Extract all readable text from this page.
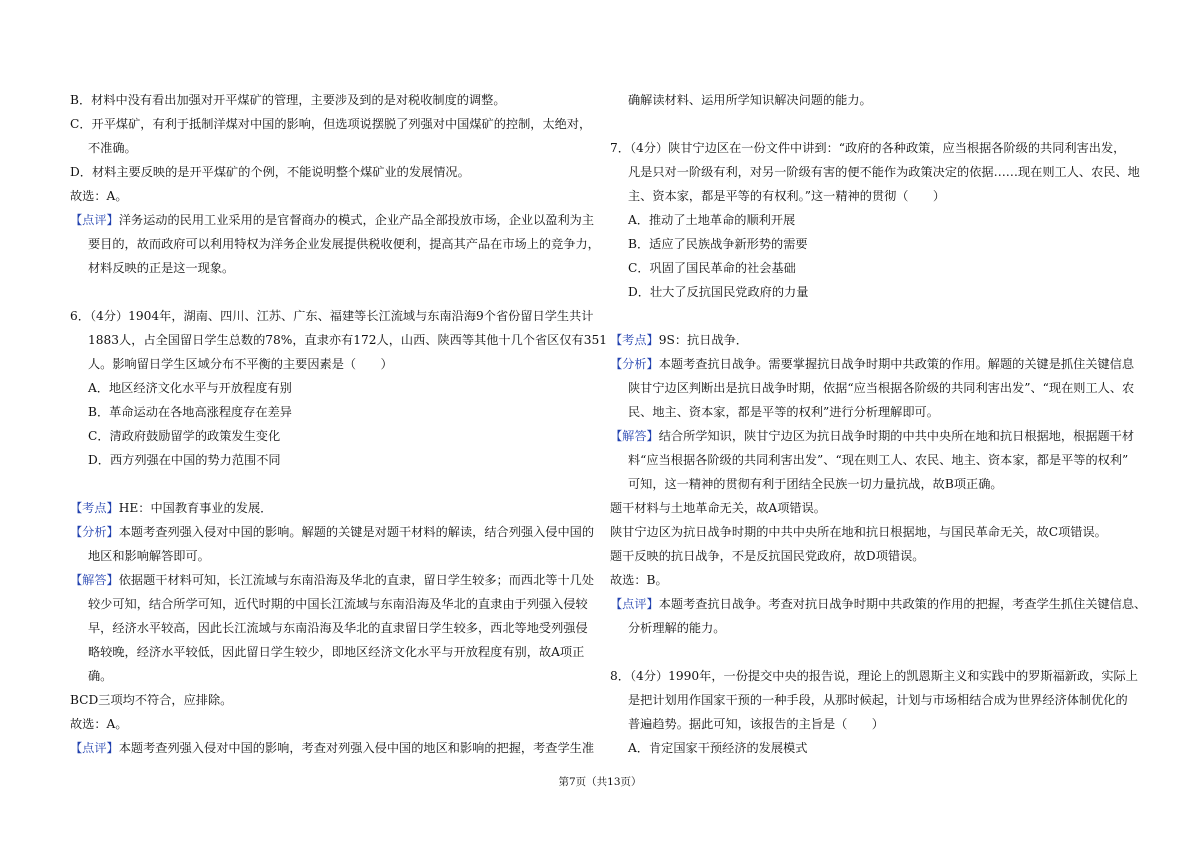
B．材料中没有看出加强对开平煤矿的管理，主要涉及到的是对税收制度的调整。
C．开平煤矿，有利于抵制洋煤对中国的影响，但选项说摆脱了列强对中国煤矿的控制，太绝对，
不准确。
D．材料主要反映的是开平煤矿的个例，不能说明整个煤矿业的发展情况。
故选：A。
【点评】洋务运动的民用工业采用的是官督商办的模式，企业产品全部投放市场，企业以盈利为主
要目的，故而政府可以利用特权为洋务企业发展提供税收便利，提高其产品在市场上的竞争力，
材料反映的正是这一现象。
6．（4分）1904年，湖南、四川、江苏、广东、福建等长江流域与东南沿海9个省份留日学生共计
1883人，占全国留日学生总数的78%，直隶亦有172人，山西、陕西等其他十几个省区仅有351
人。影响留日学生区域分布不平衡的主要因素是（　　）
A．地区经济文化水平与开放程度有别
B．革命运动在各地高涨程度存在差异
C．清政府鼓励留学的政策发生变化
D．西方列强在中国的势力范围不同
【考点】HE：中国教育事业的发展．
【分析】本题考查列强入侵对中国的影响。解题的关键是对题干材料的解读，结合列强入侵中国的
地区和影响解答即可。
【解答】依据题干材料可知，长江流域与东南沿海及华北的直隶，留日学生较多；而西北等十几处
较少可知，结合所学可知，近代时期的中国长江流域与东南沿海及华北的直隶由于列强入侵较
早，经济水平较高，因此长江流域与东南沿海及华北的直隶留日学生较多，西北等地受列强侵
略较晚，经济水平较低，因此留日学生较少，即地区经济文化水平与开放程度有别，故A项正
确。
BCD三项均不符合，应排除。
故选：A。
【点评】本题考查列强入侵对中国的影响，考查对列强入侵中国的地区和影响的把握，考查学生准
确解读材料、运用所学知识解决问题的能力。
7．（4分）陕甘宁边区在一份文件中讲到：“政府的各种政策，应当根据各阶级的共同利害出发，
凡是只对一阶级有利，对另一阶级有害的便不能作为政策决定的依据……现在则工人、农民、地
主、资本家，都是平等的有权利。”这一精神的贯彻（　　）
A．推动了土地革命的顺利开展
B．适应了民族战争新形势的需要
C．巩固了国民革命的社会基础
D．壮大了反抗国民党政府的力量
【考点】9S：抗日战争．
【分析】本题考查抗日战争。需要掌握抗日战争时期中共政策的作用。解题的关键是抓住关键信息
陕甘宁边区判断出是抗日战争时期，依据“应当根据各阶级的共同利害出发”、“现在则工人、农
民、地主、资本家，都是平等的权利”进行分析理解即可。
【解答】结合所学知识，陕甘宁边区为抗日战争时期的中共中央所在地和抗日根据地，根据题干材
料“应当根据各阶级的共同利害出发”、“现在则工人、农民、地主、资本家，都是平等的权利”
可知，这一精神的贯彻有利于团结全民族一切力量抗战，故B项正确。
题干材料与土地革命无关，故A项错误。
陕甘宁边区为抗日战争时期的中共中央所在地和抗日根据地，与国民革命无关，故C项错误。
题干反映的抗日战争，不是反抗国民党政府，故D项错误。
故选：B。
【点评】本题考查抗日战争。考查对抗日战争时期中共政策的作用的把握，考查学生抓住关键信息、
分析理解的能力。
8．（4分）1990年，一份提交中央的报告说，理论上的凯恩斯主义和实践中的罗斯福新政，实际上
是把计划用作国家干预的一种手段，从那时候起，计划与市场相结合成为世界经济体制优化的
普遍趋势。据此可知，该报告的主旨是（　　）
A．肯定国家干预经济的发展模式
第7页（共13页）
